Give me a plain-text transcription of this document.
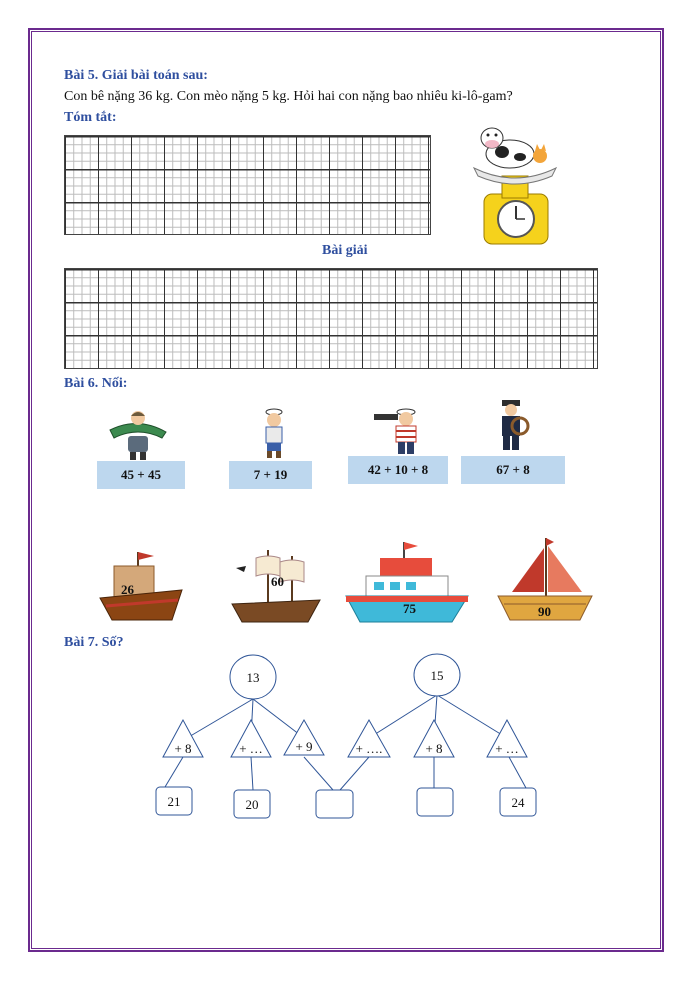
Bài 5. Giải bài toán sau:
Con bê nặng 36 kg. Con mèo nặng 5 kg. Hỏi hai con nặng bao nhiêu ki-lô-gam?
Tóm tắt:
Bài giải
Bài 6. Nối:
45 + 45	7 + 19	42 + 10 + 8	67 + 8
26
60
75	90
Bài 7. Số?
13	15
+ 8	+ …	+ 9	+ ….	+ 8	+ …
21	20	24
